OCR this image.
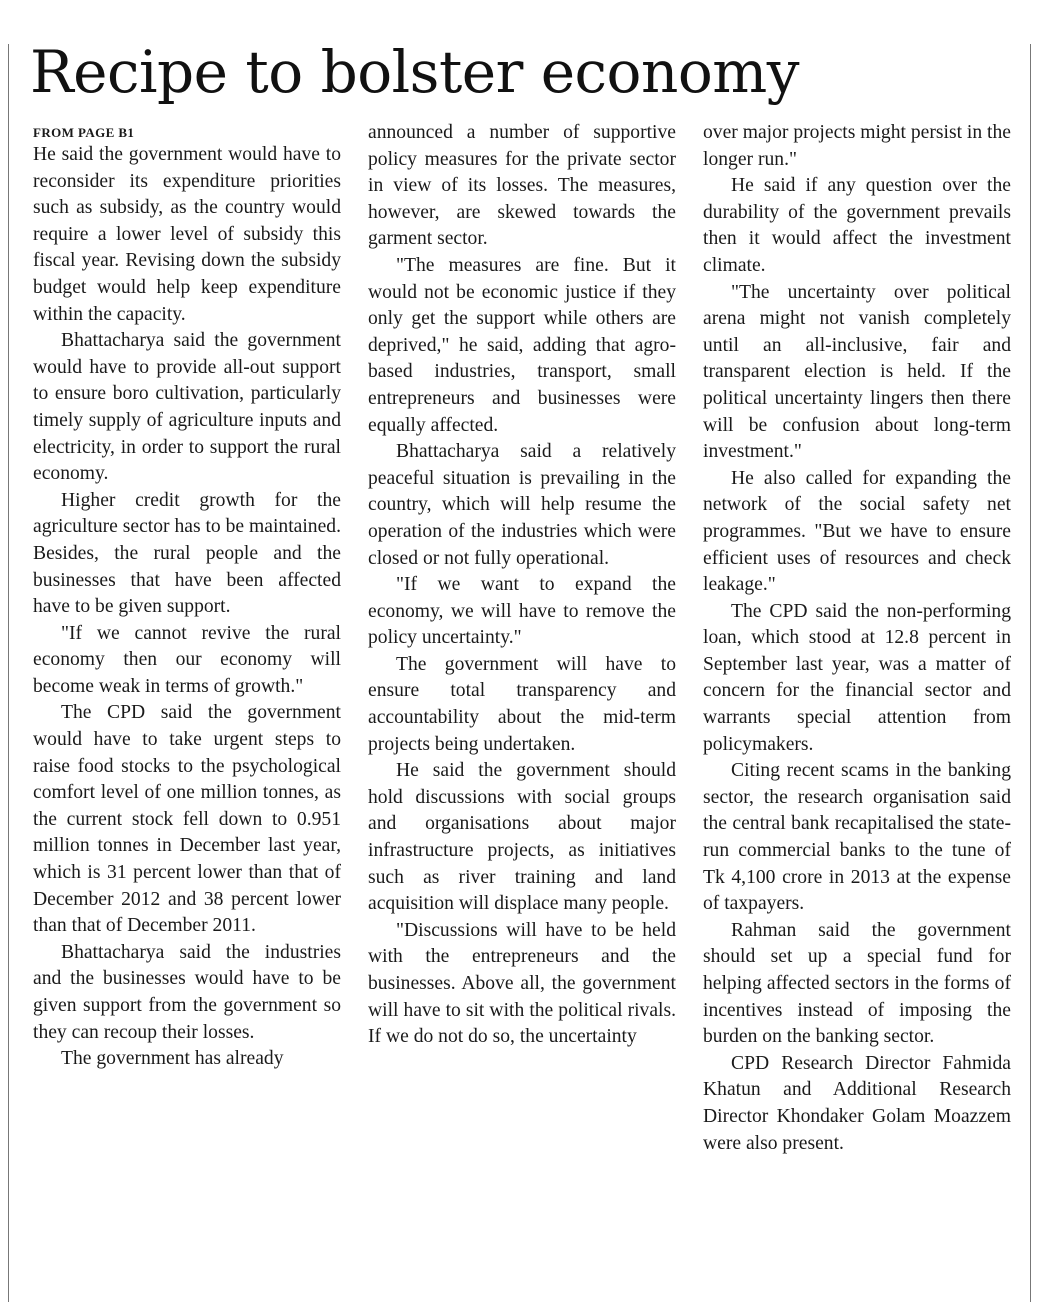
Recipe to bolster economy
FROM PAGE B1

He said the government would have to reconsider its expenditure priorities such as subsidy, as the country would require a lower level of subsidy this fiscal year. Revising down the subsidy budget would help keep expenditure within the capacity.

Bhattacharya said the government would have to provide all-out support to ensure boro cultivation, particularly timely supply of agriculture inputs and electricity, in order to support the rural economy.

Higher credit growth for the agriculture sector has to be maintained. Besides, the rural people and the businesses that have been affected have to be given support.

"If we cannot revive the rural economy then our economy will become weak in terms of growth."

The CPD said the government would have to take urgent steps to raise food stocks to the psychological comfort level of one million tonnes, as the current stock fell down to 0.951 million tonnes in December last year, which is 31 percent lower than that of December 2012 and 38 percent lower than that of December 2011.

Bhattacharya said the industries and the businesses would have to be given support from the government so they can recoup their losses.

The government has already

announced a number of supportive policy measures for the private sector in view of its losses. The measures, however, are skewed towards the garment sector.

"The measures are fine. But it would not be economic justice if they only get the support while others are deprived," he said, adding that agro-based industries, transport, small entrepreneurs and businesses were equally affected.

Bhattacharya said a relatively peaceful situation is prevailing in the country, which will help resume the operation of the industries which were closed or not fully operational.

"If we want to expand the economy, we will have to remove the policy uncertainty."

The government will have to ensure total transparency and accountability about the mid-term projects being undertaken.

He said the government should hold discussions with social groups and organisations about major infrastructure projects, as initiatives such as river training and land acquisition will displace many people.

"Discussions will have to be held with the entrepreneurs and the businesses. Above all, the government will have to sit with the political rivals. If we do not do so, the uncertainty

over major projects might persist in the longer run."

He said if any question over the durability of the government prevails then it would affect the investment climate.

"The uncertainty over political arena might not vanish completely until an all-inclusive, fair and transparent election is held. If the political uncertainty lingers then there will be confusion about long-term investment."

He also called for expanding the network of the social safety net programmes. "But we have to ensure efficient uses of resources and check leakage."

The CPD said the non-performing loan, which stood at 12.8 percent in September last year, was a matter of concern for the financial sector and warrants special attention from policymakers.

Citing recent scams in the banking sector, the research organisation said the central bank recapitalised the state-run commercial banks to the tune of Tk 4,100 crore in 2013 at the expense of taxpayers.

Rahman said the government should set up a special fund for helping affected sectors in the forms of incentives instead of imposing the burden on the banking sector.

CPD Research Director Fahmida Khatun and Additional Research Director Khondaker Golam Moazzem were also present.
